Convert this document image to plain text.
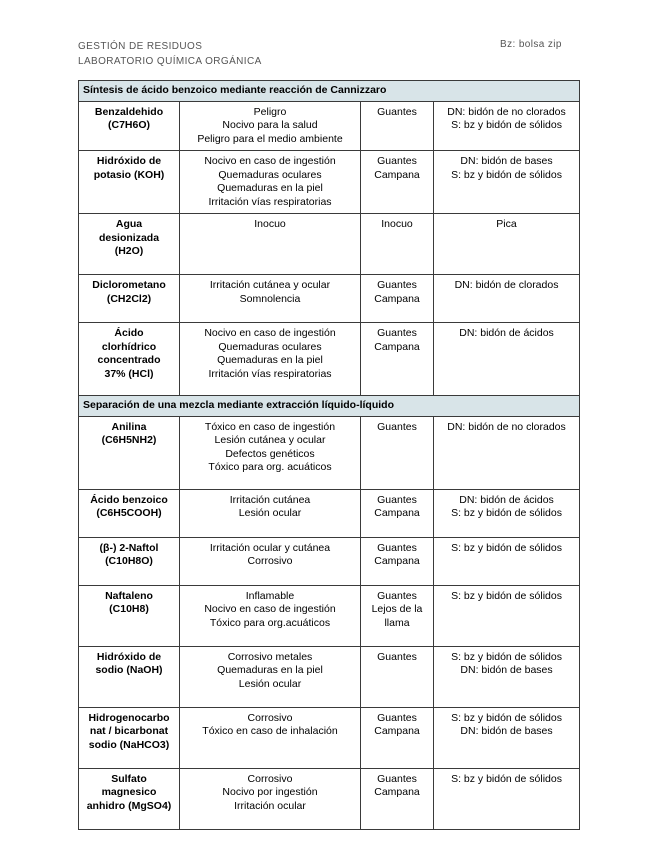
GESTIÓN DE RESIDUOS
LABORATORIO QUÍMICA ORGÁNICA
Bz: bolsa zip
Síntesis de ácido benzoico mediante reacción de Cannizzaro			

Benzaldehido
(C7H6O)	Peligro
Nocivo para la salud
Peligro para el medio ambiente	Guantes	DN: bidón de no clorados
S: bz y bidón de sólidos

Hidróxido de
potasio (KOH)	Nocivo en caso de ingestión
Quemaduras oculares
Quemaduras en la piel
Irritación vías respiratorias	Guantes
Campana	DN: bidón de bases
S: bz y bidón de sólidos

Agua
desionizada
(H2O)	Inocuo	Inocuo	Pica

Diclorometano
(CH2Cl2)	Irritación cutánea y ocular
Somnolencia	Guantes
Campana	DN: bidón de clorados

Ácido
clorhídrico
concentrado
37% (HCl)	Nocivo en caso de ingestión
Quemaduras oculares
Quemaduras en la piel
Irritación vías respiratorias	Guantes
Campana	DN: bidón de ácidos

Separación de una mezcla mediante extracción líquido-líquido			

Anilina
(C6H5NH2)	Tóxico en caso de ingestión
Lesión cutánea y ocular
Defectos genéticos
Tóxico para org. acuáticos	Guantes	DN: bidón de no clorados

Ácido benzoico
(C6H5COOH)	Irritación cutánea
Lesión ocular	Guantes
Campana	DN: bidón de ácidos
S: bz y bidón de sólidos

(β-) 2-Naftol
(C10H8O)	Irritación ocular y cutánea
Corrosivo	Guantes
Campana	S: bz y bidón de sólidos

Naftaleno
(C10H8)	Inflamable
Nocivo en caso de ingestión
Tóxico para org.acuáticos	Guantes
Lejos de la
llama	S: bz y bidón de sólidos

Hidróxido de
sodio (NaOH)	Corrosivo metales
Quemaduras en la piel
Lesión ocular	Guantes	S: bz y bidón de sólidos
DN: bidón de bases

Hidrogenocarbo
nat / bicarbonat
sodio (NaHCO3)	Corrosivo
Tóxico en caso de inhalación	Guantes
Campana	S: bz y bidón de sólidos
DN: bidón de bases

Sulfato
magnesico
anhidro (MgSO4)	Corrosivo
Nocivo por ingestión
Irritación ocular	Guantes
Campana	S: bz y bidón de sólidos
